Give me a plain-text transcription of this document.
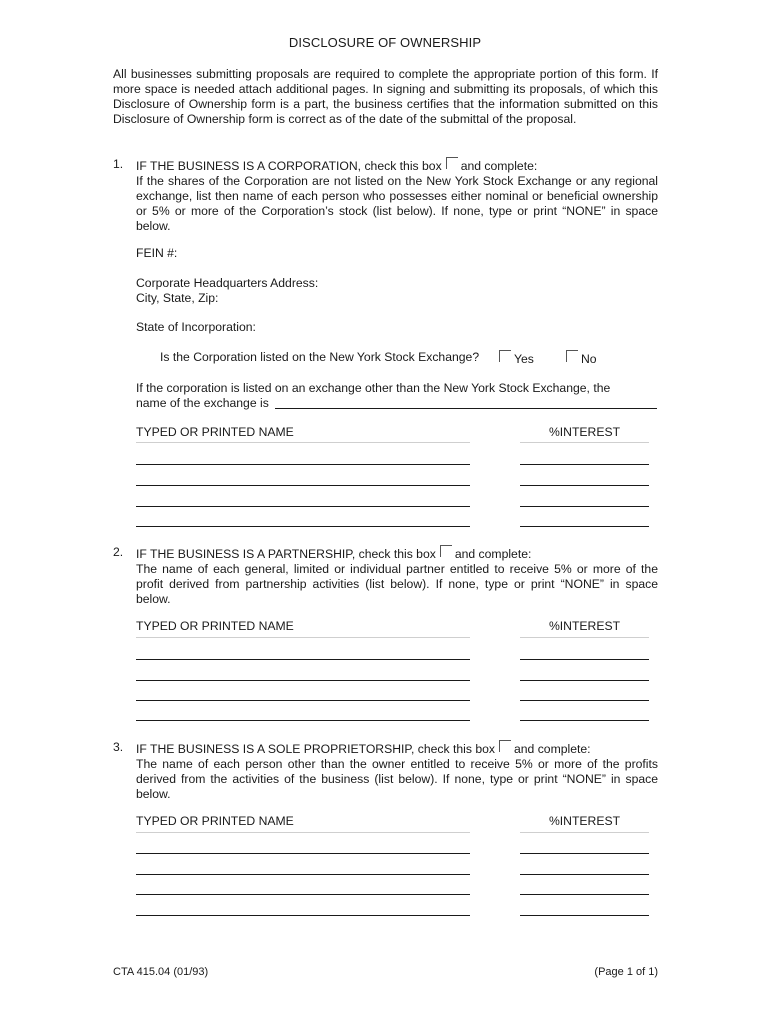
DISCLOSURE OF OWNERSHIP
All businesses submitting proposals are required to complete the appropriate portion of this form. If more space is needed attach additional pages. In signing and submitting its proposals, of which this Disclosure of Ownership form is a part, the business certifies that the information submitted on this Disclosure of Ownership form is correct as of the date of the submittal of the proposal.
1.	IF THE BUSINESS IS A CORPORATION, check this box and complete:
If the shares of the Corporation are not listed on the New York Stock Exchange or any regional exchange, list then name of each person who possesses either nominal or beneficial ownership or 5% or more of the Corporation’s stock (list below). If none, type or print “NONE” in space below.
FEIN #:
Corporate Headquarters Address:
City, State, Zip:
State of Incorporation:
Is the Corporation listed on the New York Stock Exchange?	Yes	No
If the corporation is listed on an exchange other than the New York Stock Exchange, the
name of the exchange is
TYPED OR PRINTED NAME	%INTEREST
2.	IF THE BUSINESS IS A PARTNERSHIP, check this box and complete:
The name of each general, limited or individual partner entitled to receive 5% or more of the profit derived from partnership activities (list below). If none, type or print “NONE” in space below.
TYPED OR PRINTED NAME	%INTEREST
3.	IF THE BUSINESS IS A SOLE PROPRIETORSHIP, check this box and complete:
The name of each person other than the owner entitled to receive 5% or more of the profits derived from the activities of the business (list below). If none, type or print “NONE” in space below.
TYPED OR PRINTED NAME	%INTEREST
CTA 415.04 (01/93)	(Page 1 of 1)
